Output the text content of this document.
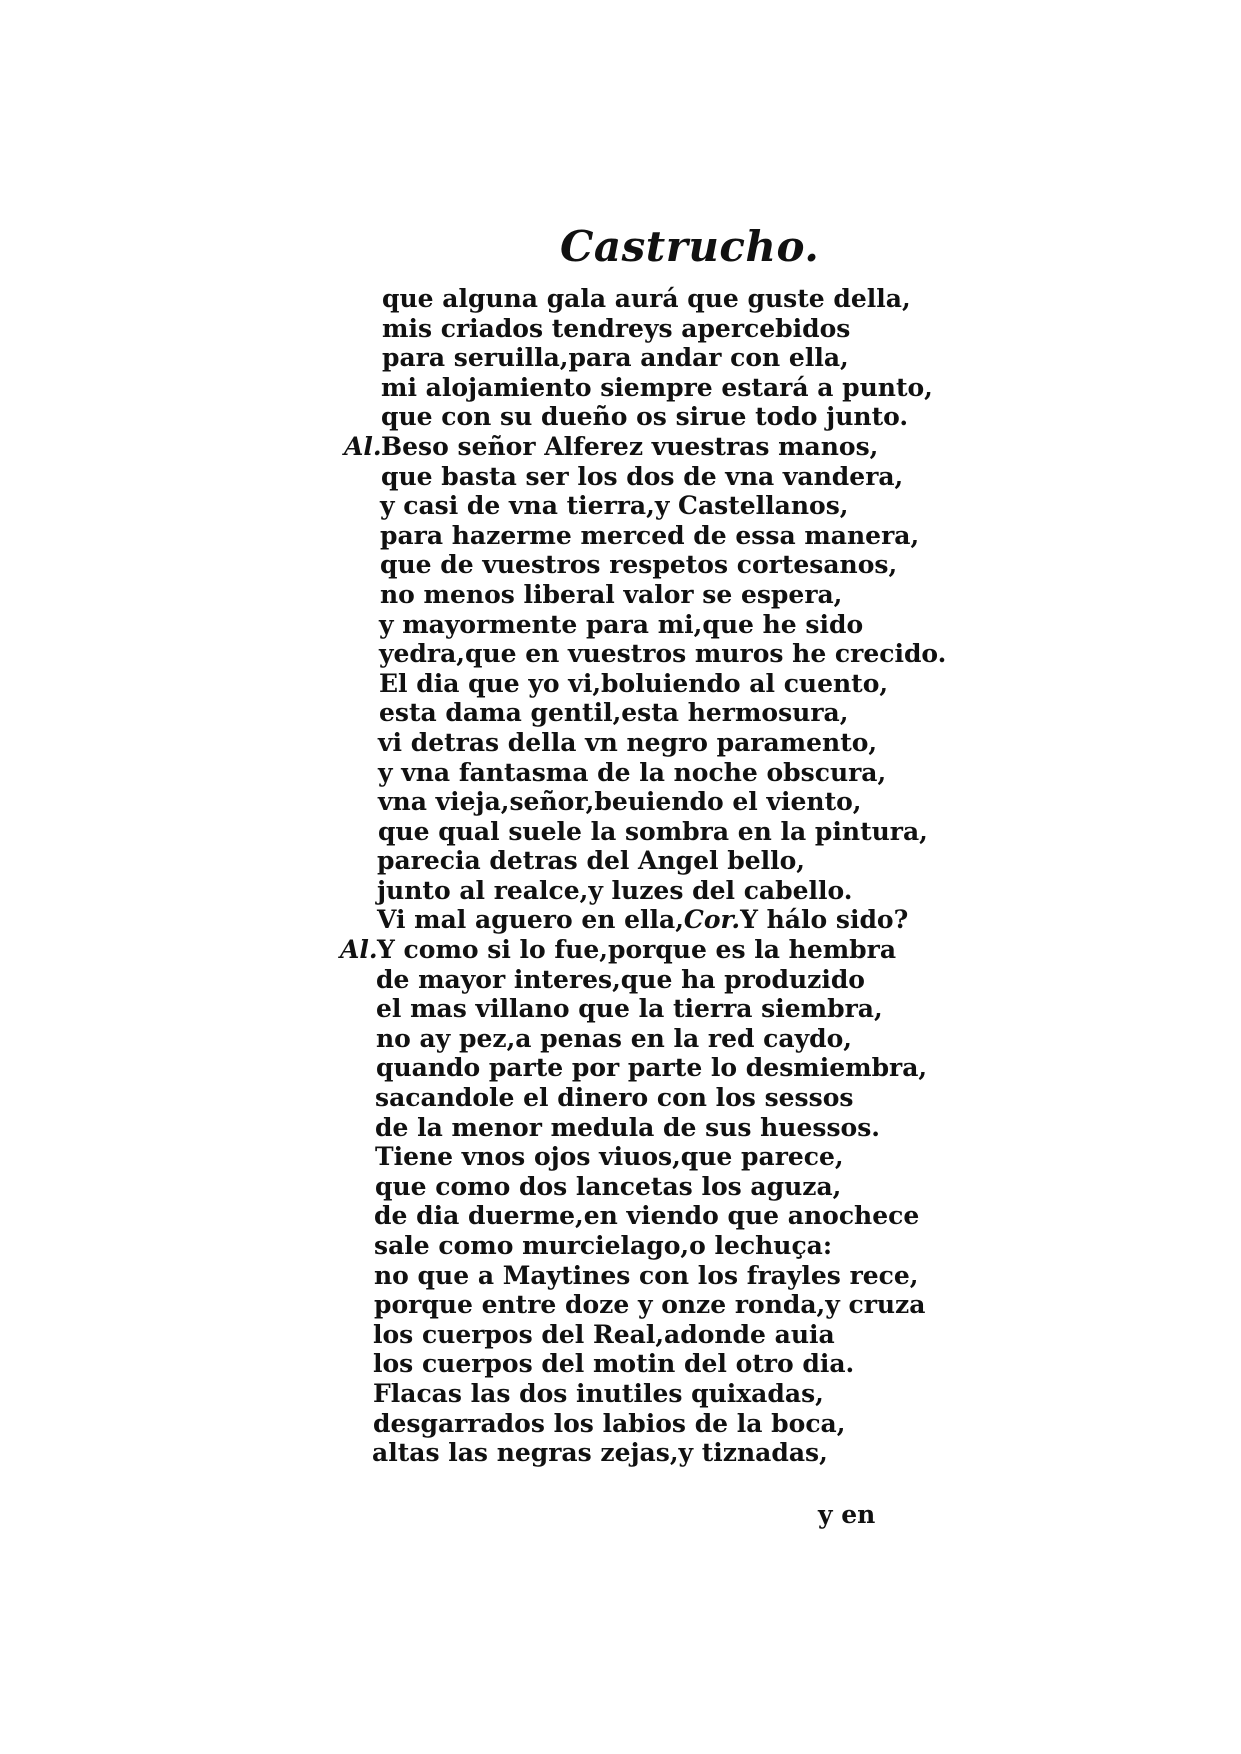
Castrucho.
que alguna gala aurá que guste della,
mis criados tendreys apercebidos
para seruilla,para andar con ella,
mi alojamiento siempre estará a punto,
que con su dueño os sirue todo junto.
Al. Beso señor Alferez vuestras manos,
que basta ser los dos de vna vandera,
y casi de vna tierra,y Castellanos,
para hazerme merced de essa manera,
que de vuestros respetos cortesanos,
no menos liberal valor se espera,
y mayormente para mi,que he sido
yedra,que en vuestros muros he crecido.
El dia que yo vi,boluiendo al cuento,
esta dama gentil,esta hermosura,
vi detras della vn negro paramento,
y vna fantasma de la noche obscura,
vna vieja,señor,beuiendo el viento,
que qual suele la sombra en la pintura,
parecia detras del Angel bello,
junto al realce,y luzes del cabello.
Vi mal aguero en ella,Cor.Y hálo sido?
Al. Y como si lo fue,porque es la hembra
de mayor interes,que ha produzido
el mas villano que la tierra siembra,
no ay pez,a penas en la red caydo,
quando parte por parte lo desmiembra,
sacandole el dinero con los sessos
de la menor medula de sus huessos.
Tiene vnos ojos viuos,que parece,
que como dos lancetas los aguza,
de dia duerme,en viendo que anochece
sale como murcielago,o lechuça:
no que a Maytines con los frayles rece,
porque entre doze y onze ronda,y cruza
los cuerpos del Real,adonde auia
los cuerpos del motin del otro dia.
Flacas las dos inutiles quixadas,
desgarrados los labios de la boca,
altas las negras zejas,y tiznadas,
y en
